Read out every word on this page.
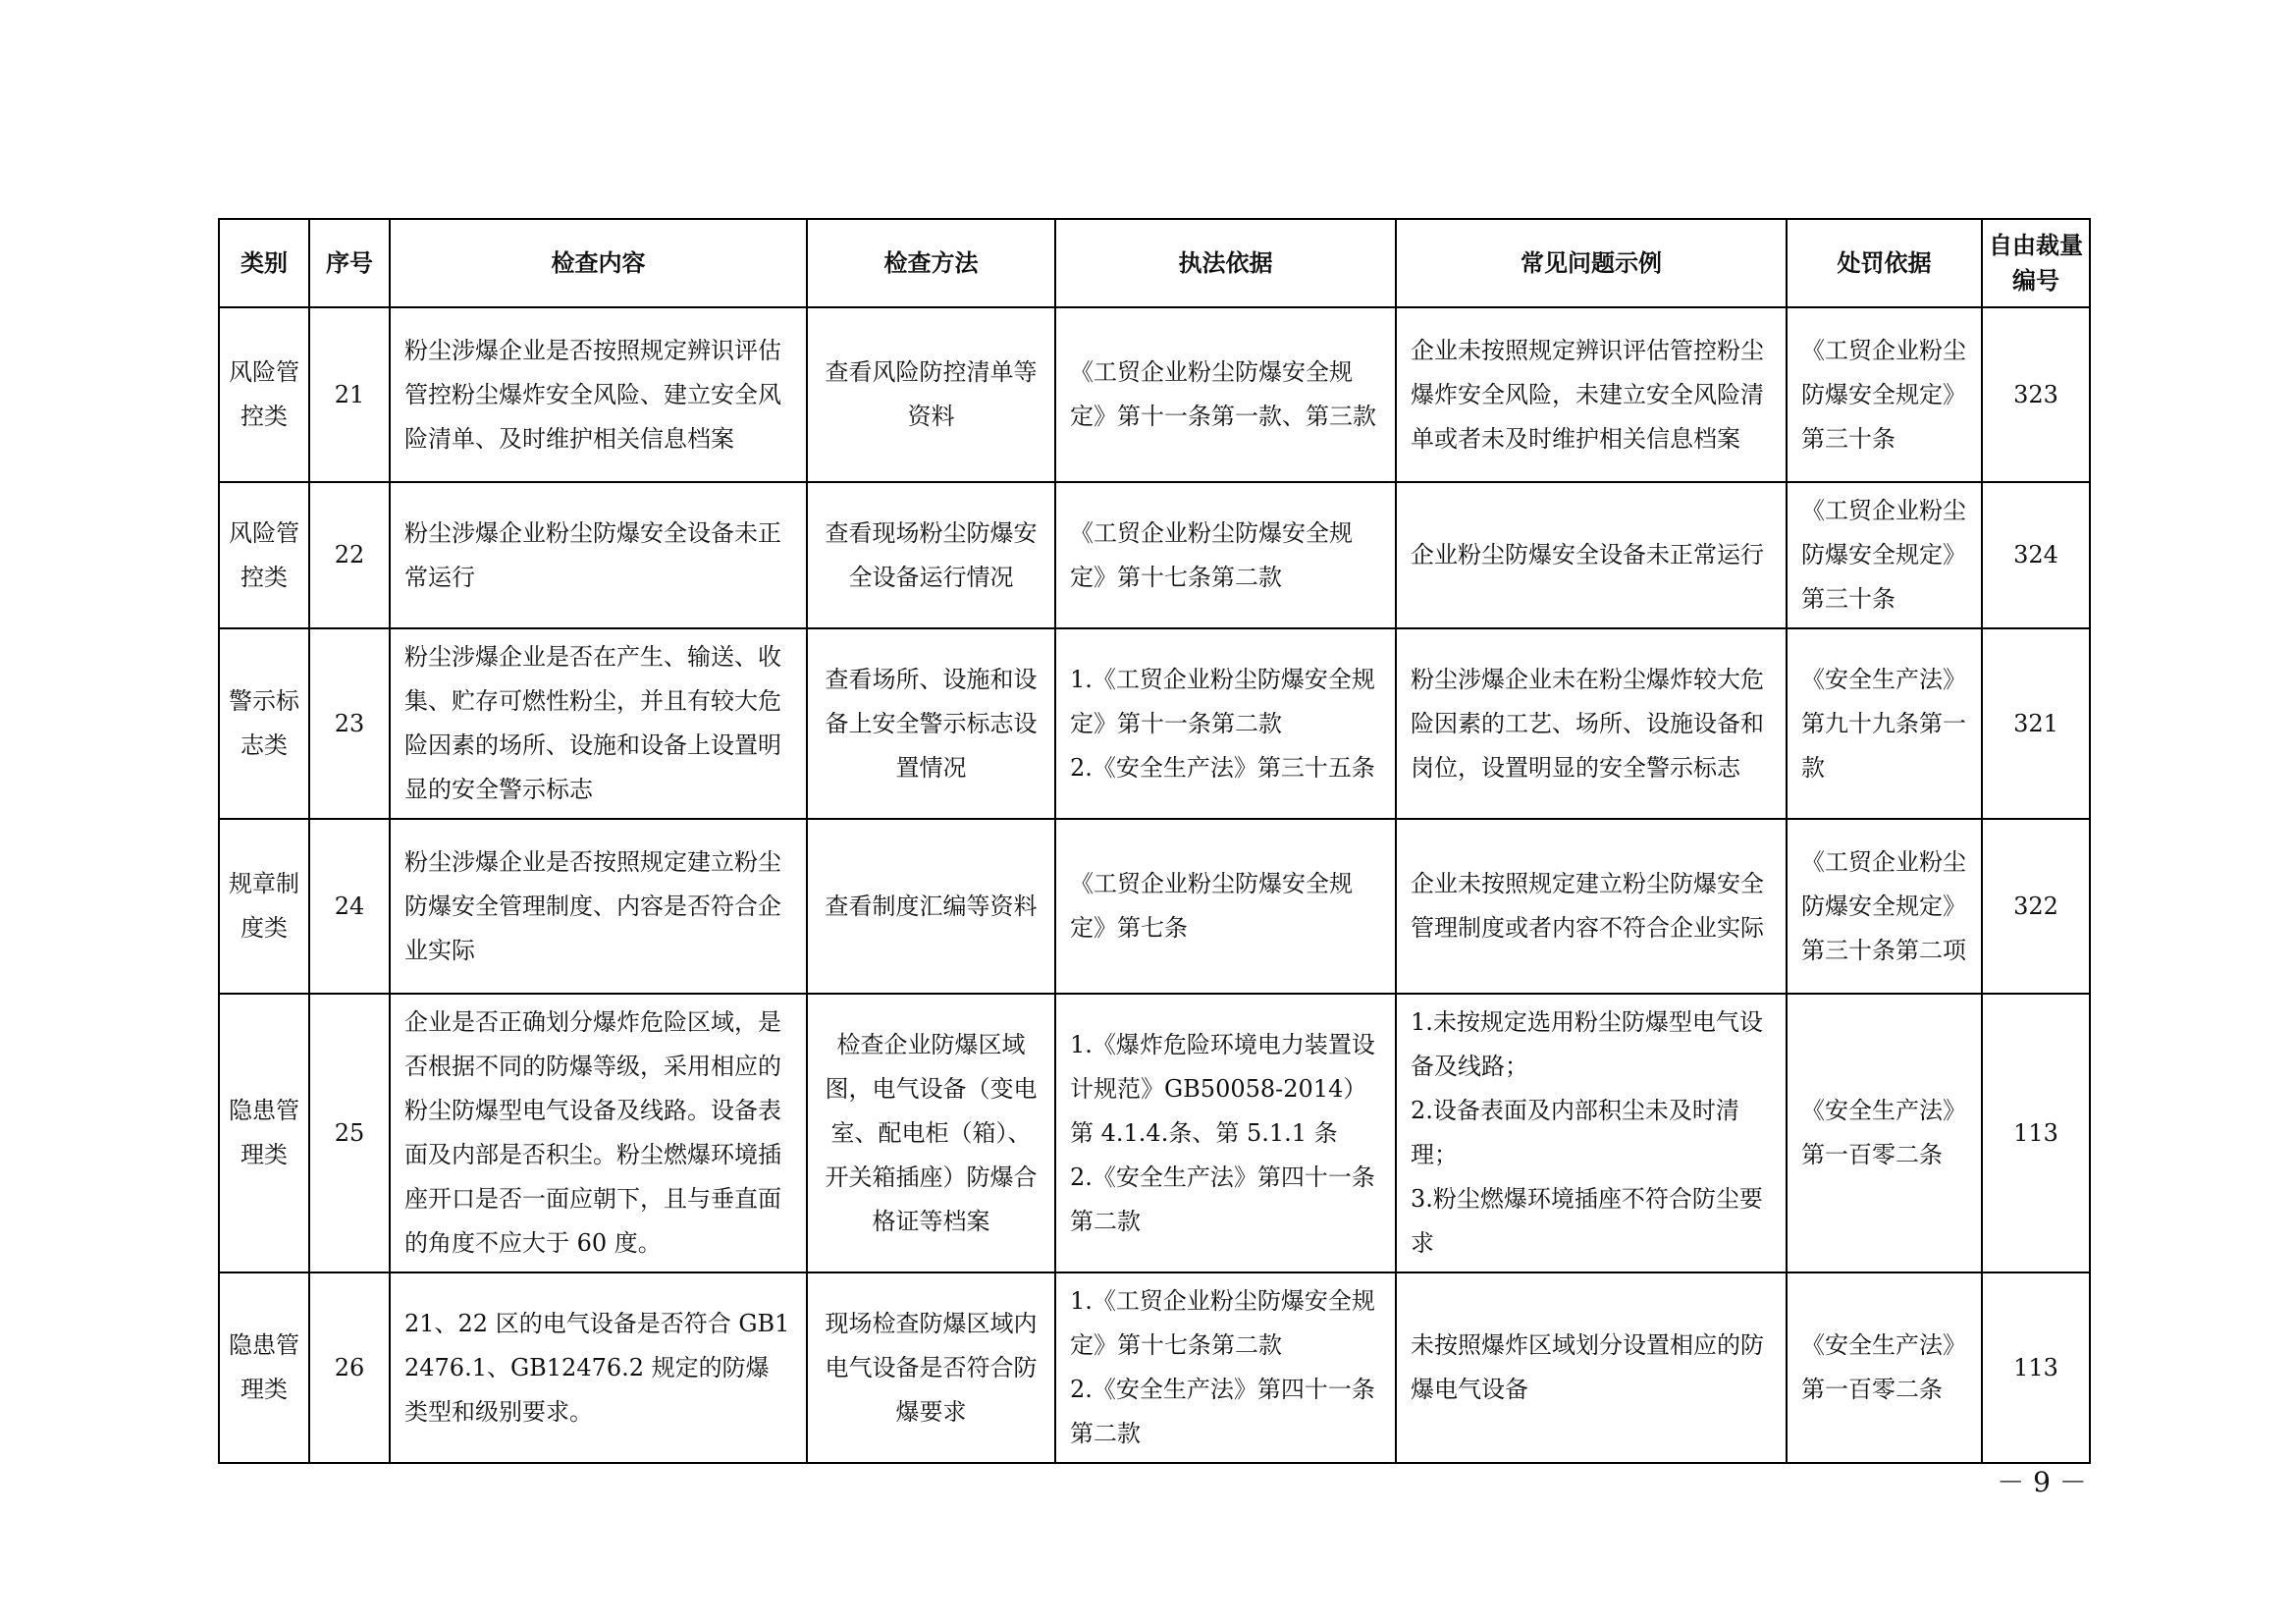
类别	序号	检查内容	检查方法	执法依据	常见问题示例	处罚依据	自由裁量编号
风险管控类	21	粉尘涉爆企业是否按照规定辨识评估管控粉尘爆炸安全风险、建立安全风险清单、及时维护相关信息档案	查看风险防控清单等资料	《工贸企业粉尘防爆安全规定》第十一条第一款、第三款	企业未按照规定辨识评估管控粉尘爆炸安全风险，未建立安全风险清单或者未及时维护相关信息档案	《工贸企业粉尘防爆安全规定》第三十条	323
风险管控类	22	粉尘涉爆企业粉尘防爆安全设备未正常运行	查看现场粉尘防爆安全设备运行情况	《工贸企业粉尘防爆安全规定》第十七条第二款	企业粉尘防爆安全设备未正常运行	《工贸企业粉尘防爆安全规定》第三十条	324
警示标志类	23	粉尘涉爆企业是否在产生、输送、收集、贮存可燃性粉尘，并且有较大危险因素的场所、设施和设备上设置明显的安全警示标志	查看场所、设施和设备上安全警示标志设置情况	1.《工贸企业粉尘防爆安全规定》第十一条第二款
2.《安全生产法》第三十五条	粉尘涉爆企业未在粉尘爆炸较大危险因素的工艺、场所、设施设备和岗位，设置明显的安全警示标志	《安全生产法》第九十九条第一款	321
规章制度类	24	粉尘涉爆企业是否按照规定建立粉尘防爆安全管理制度、内容是否符合企业实际	查看制度汇编等资料	《工贸企业粉尘防爆安全规定》第七条	企业未按照规定建立粉尘防爆安全管理制度或者内容不符合企业实际	《工贸企业粉尘防爆安全规定》第三十条第二项	322
隐患管理类	25	企业是否正确划分爆炸危险区域，是否根据不同的防爆等级，采用相应的粉尘防爆型电气设备及线路。设备表面及内部是否积尘。粉尘燃爆环境插座开口是否一面应朝下，且与垂直面的角度不应大于 60 度。	检查企业防爆区域图，电气设备（变电室、配电柜（箱）、开关箱插座）防爆合格证等档案	1.《爆炸危险环境电力装置设计规范》GB50058-2014）第 4.1.4.条、第 5.1.1 条
2.《安全生产法》第四十一条第二款	1.未按规定选用粉尘防爆型电气设备及线路；
2.设备表面及内部积尘未及时清理；
3.粉尘燃爆环境插座不符合防尘要求	《安全生产法》第一百零二条	113
隐患管理类	26	21、22 区的电气设备是否符合 GB12476.1、GB12476.2 规定的防爆类型和级别要求。	现场检查防爆区域内电气设备是否符合防爆要求	1.《工贸企业粉尘防爆安全规定》第十七条第二款
2.《安全生产法》第四十一条第二款	未按照爆炸区域划分设置相应的防爆电气设备	《安全生产法》第一百零二条	113
－ 9 －
